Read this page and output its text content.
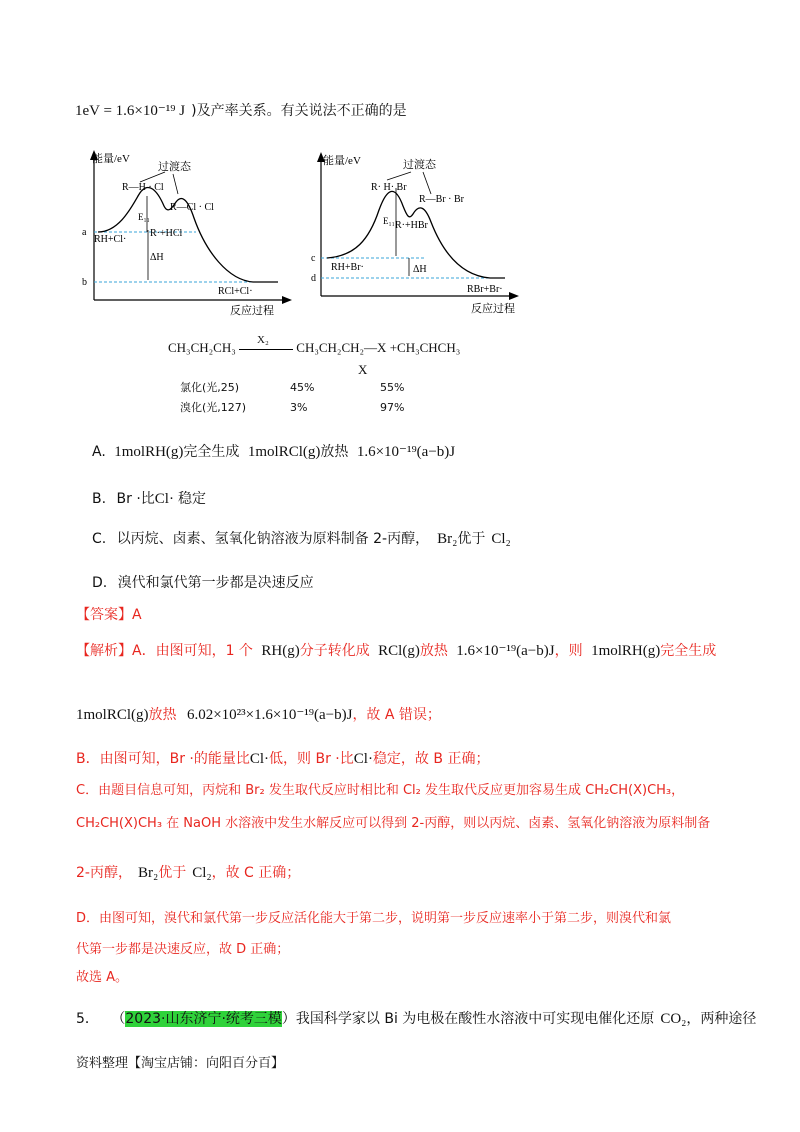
1eV = 1.6×10⁻¹⁹ J )及产率关系。有关说法不正确的是
能量/eV
过渡态
R—H · Cl
R—Cl · Cl
E₁₁
R·+HCl
RH+Cl·
ΔH
RCl+Cl·
a
b
反应过程
能量/eV	过渡态
R· H· Br
R—Br · Br
E₁₁ R·+HBr
RH+Br·	ΔH
RBr+Br·
c
d
反应过程
CH₃CH₂CH₃
X₂
CH₃CH₂CH₂—X +CH₃CHCH₃
X
氯化(光,25)	45%	55%
溴化(光,127)	3%	97%
A. 1molRH(g)完全生成 1molRCl(g)放热 1.6×10⁻¹⁹(a−b)J
B. Br ·比Cl· 稳定
C. 以丙烷、卤素、氢氧化钠溶液为原料制备 2-丙醇， Br₂优于 Cl₂
D. 溴代和氯代第一步都是决速反应
【答案】A
【解析】A．由图可知，1 个 RH(g)分子转化成 RCl(g)放热 1.6×10⁻¹⁹(a−b)J，则 1molRH(g)完全生成
1molRCl(g)放热 6.02×10²³×1.6×10⁻¹⁹(a−b)J，故 A 错误；
B．由图可知，Br ·的能量比Cl·低，则 Br ·比Cl·稳定，故 B 正确；
C．由题目信息可知，丙烷和 Br₂ 发生取代反应时相比和 Cl₂ 发生取代反应更加容易生成 CH₂CH(X)CH₃，
CH₂CH(X)CH₃ 在 NaOH 水溶液中发生水解反应可以得到 2-丙醇，则以丙烷、卤素、氢氧化钠溶液为原料制备
2-丙醇， Br₂优于 Cl₂，故 C 正确；
D．由图可知，溴代和氯代第一步反应活化能大于第二步，说明第一步反应速率小于第二步，则溴代和氯
代第一步都是决速反应，故 D 正确；
故选 A。
5． （2023·山东济宁·统考三模）我国科学家以 Bi 为电极在酸性水溶液中可实现电催化还原 CO₂，两种途径
资料整理【淘宝店铺：向阳百分百】
